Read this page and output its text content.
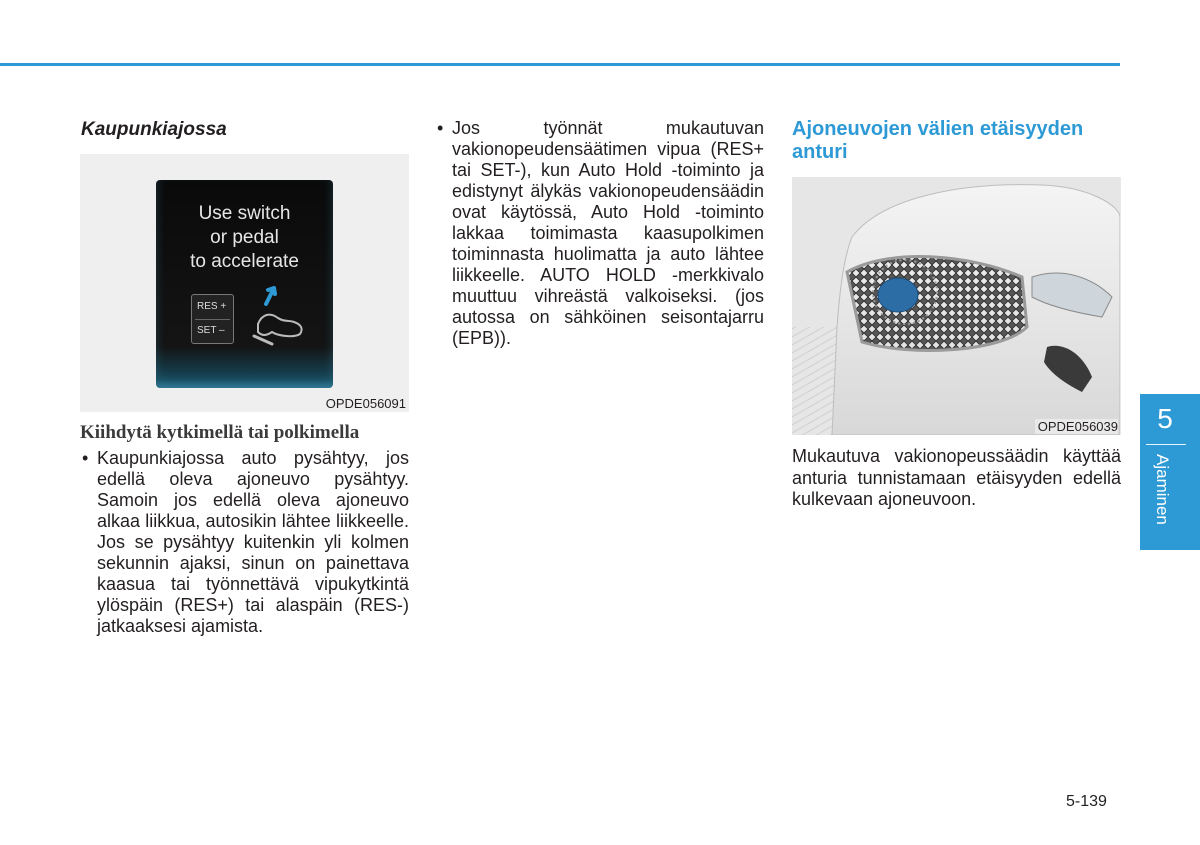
Kaupunkiajossa
Use switch
or pedal
to accelerate
RES +
SET –
OPDE056091
Kiihdytä kytkimellä tai polkimella
• Kaupunkiajossa auto pysähtyy, jos edellä oleva ajoneuvo pysähtyy. Samoin jos edellä oleva ajoneuvo alkaa liikkua, autosikin lähtee liikkeelle. Jos se pysähtyy kuitenkin yli kolmen sekunnin ajaksi, sinun on painettava kaasua tai työnnettävä vipukytkintä ylöspäin (RES+) tai alaspäin (RES-) jatkaaksesi ajamista.
• Jos työnnät mukautuvan vakionopeudensäätimen vipua (RES+ tai SET-), kun Auto Hold -toiminto ja edistynyt älykäs vakionopeudensäädin ovat käytössä, Auto Hold -toiminto lakkaa toimimasta kaasupolkimen toiminnasta huolimatta ja auto lähtee liikkeelle. AUTO HOLD -merkkivalo muuttuu vihreästä valkoiseksi. (jos autossa on sähköinen seisontajarru (EPB)).
Ajoneuvojen välien etäisyyden anturi
OPDE056039
Mukautuva vakionopeussäädin käyttää anturia tunnistamaan etäisyyden edellä kulkevaan ajoneuvoon.
5
Ajaminen
5-139
